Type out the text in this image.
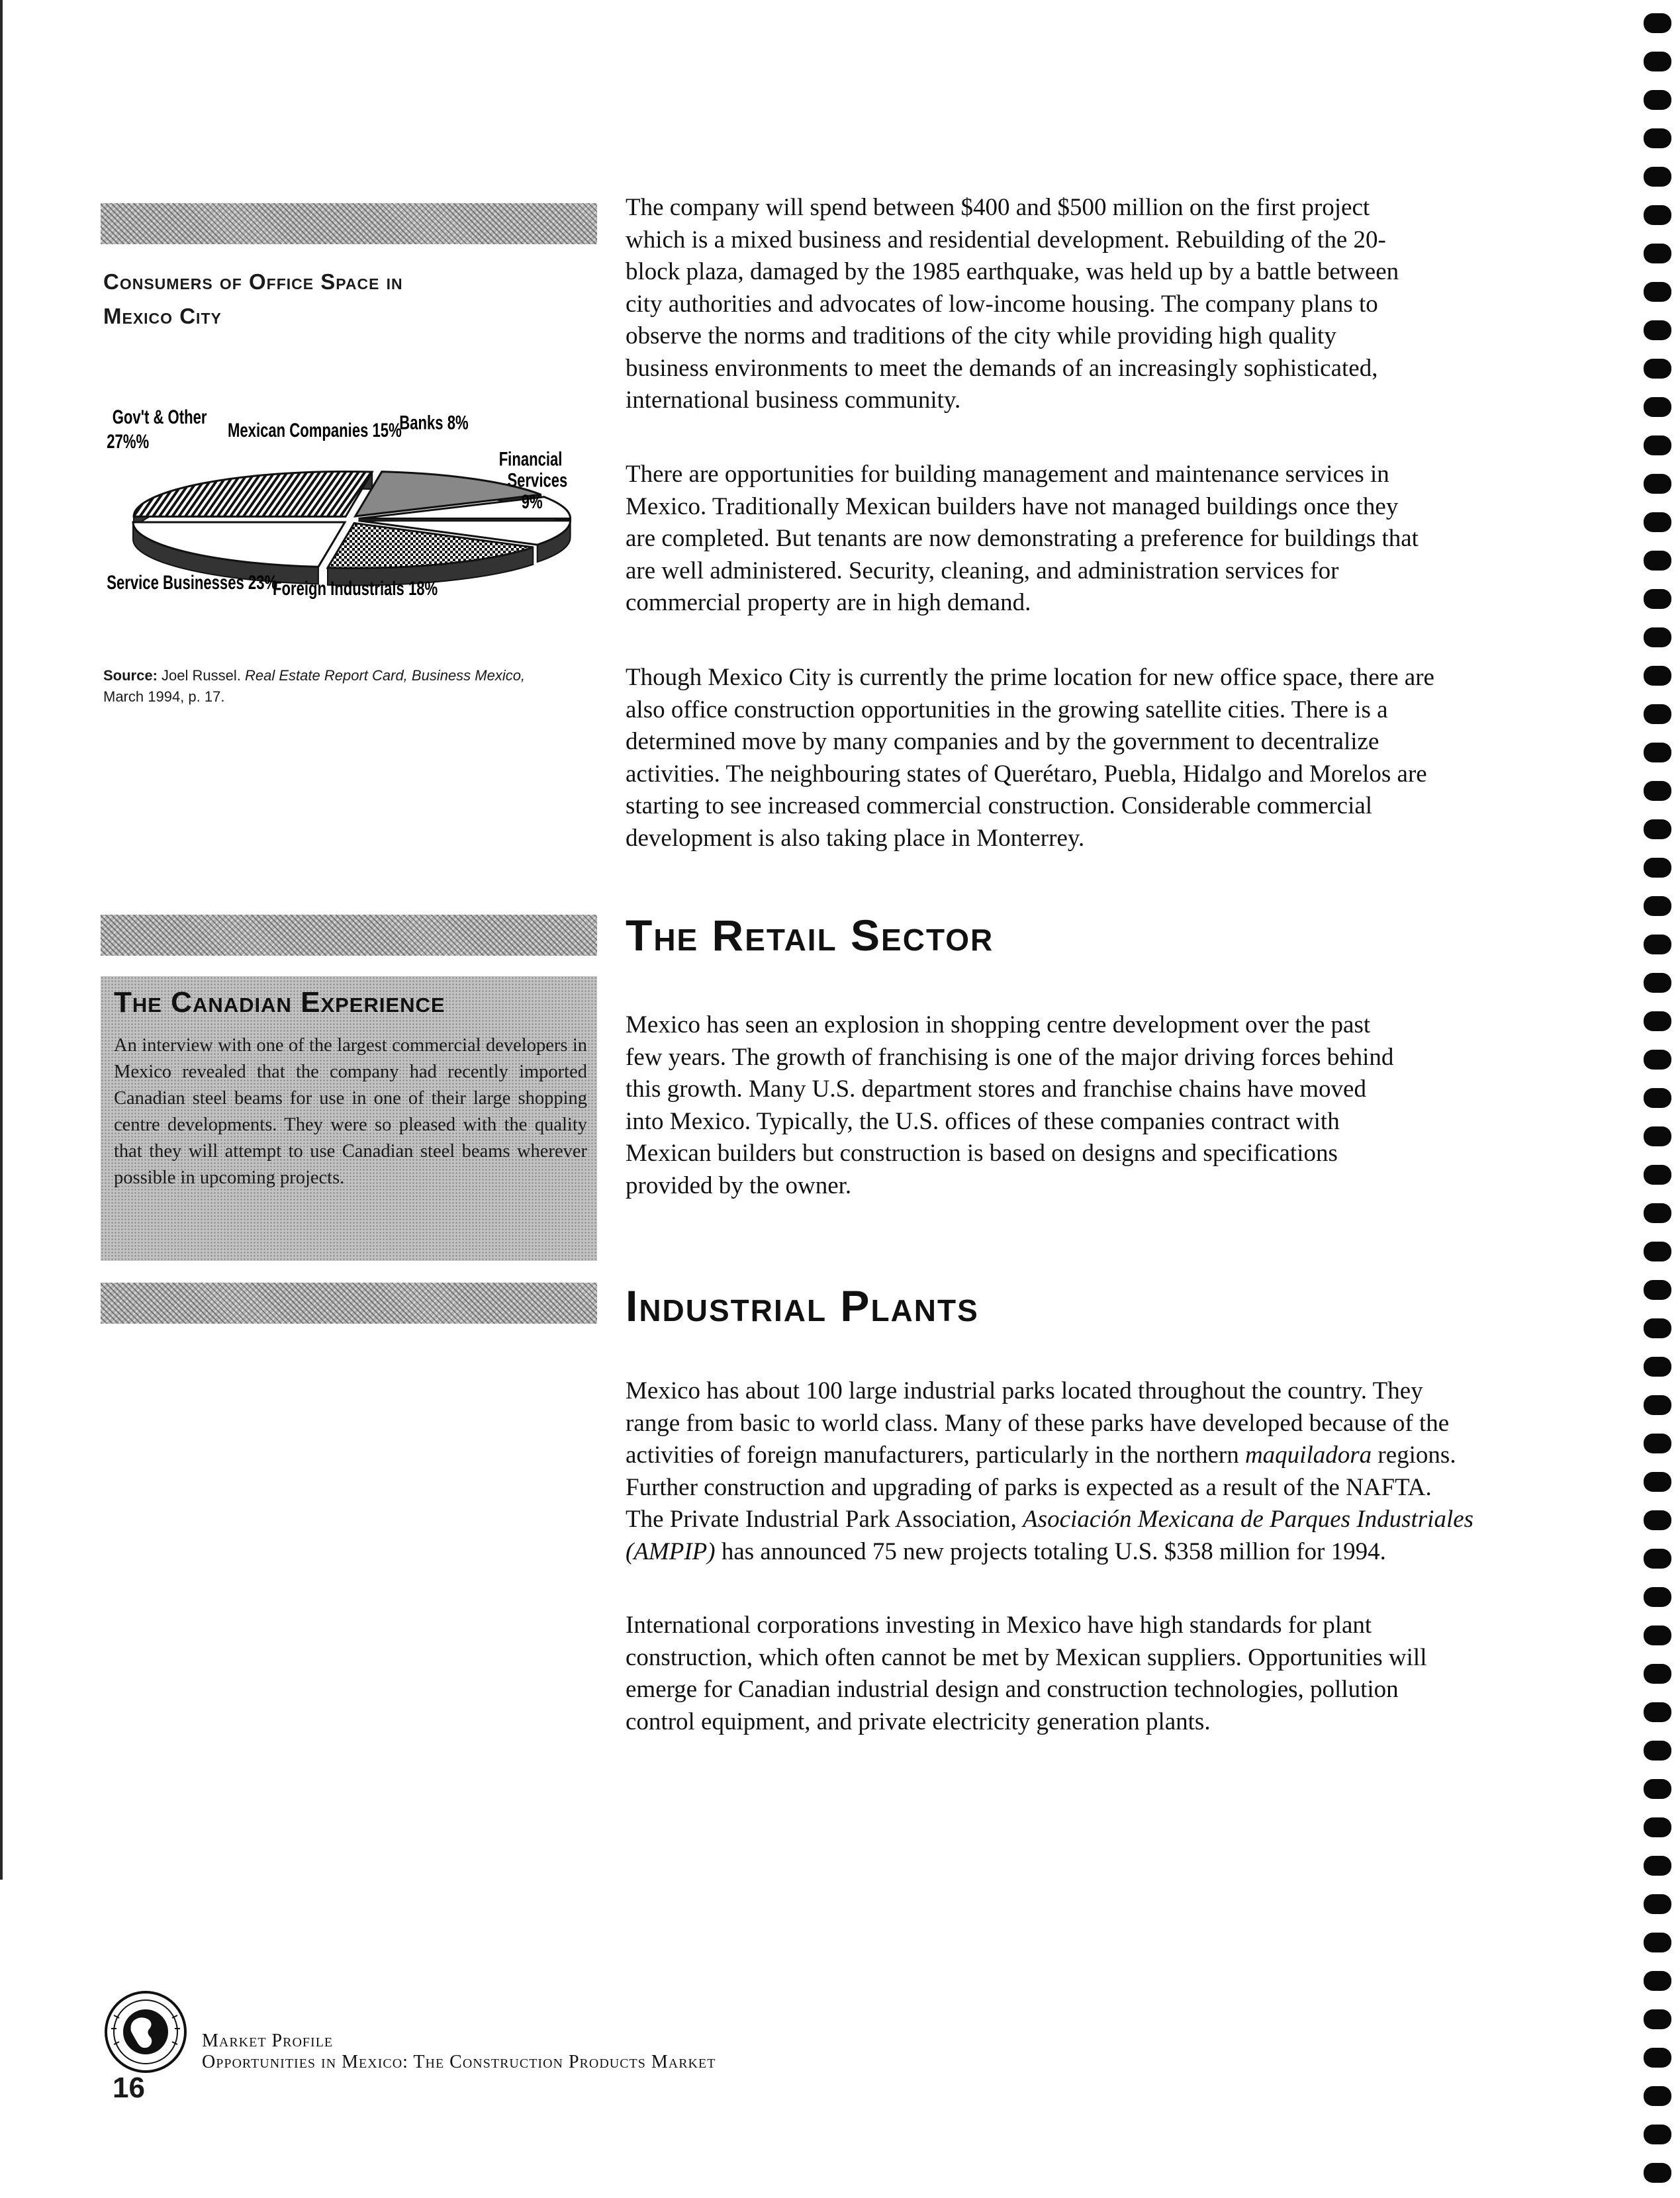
Consumers of Office Space in
Mexico City
Gov't & Other
27%%
Mexican Companies 15%
Banks 8%
Financial
Services
9%
Service Businesses 23%
Foreign Industrials 18%
Source: Joel Russel. Real Estate Report Card, Business Mexico,
March 1994, p. 17.
The Canadian Experience
An interview with one of the largest commercial developers in Mexico revealed that the company had recently imported Canadian steel beams for use in one of their large shopping centre developments. They were so pleased with the quality that they will attempt to use Canadian steel beams wherever possible in upcoming projects.
The company will spend between $400 and $500 million on the first project
which is a mixed business and residential development. Rebuilding of the 20-
block plaza, damaged by the 1985 earthquake, was held up by a battle between
city authorities and advocates of low-income housing. The company plans to
observe the norms and traditions of the city while providing high quality
business environments to meet the demands of an increasingly sophisticated,
international business community.
There are opportunities for building management and maintenance services in
Mexico. Traditionally Mexican builders have not managed buildings once they
are completed. But tenants are now demonstrating a preference for buildings that
are well administered. Security, cleaning, and administration services for
commercial property are in high demand.
Though Mexico City is currently the prime location for new office space, there are
also office construction opportunities in the growing satellite cities. There is a
determined move by many companies and by the government to decentralize
activities. The neighbouring states of Querétaro, Puebla, Hidalgo and Morelos are
starting to see increased commercial construction. Considerable commercial
development is also taking place in Monterrey.
The Retail Sector
Mexico has seen an explosion in shopping centre development over the past
few years. The growth of franchising is one of the major driving forces behind
this growth. Many U.S. department stores and franchise chains have moved
into Mexico. Typically, the U.S. offices of these companies contract with
Mexican builders but construction is based on designs and specifications
provided by the owner.
Industrial Plants
Mexico has about 100 large industrial parks located throughout the country. They
range from basic to world class. Many of these parks have developed because of the
activities of foreign manufacturers, particularly in the northern maquiladora regions.
Further construction and upgrading of parks is expected as a result of the NAFTA.
The Private Industrial Park Association, Asociación Mexicana de Parques Industriales
(AMPIP) has announced 75 new projects totaling U.S. $358 million for 1994.
International corporations investing in Mexico have high standards for plant
construction, which often cannot be met by Mexican suppliers. Opportunities will
emerge for Canadian industrial design and construction technologies, pollution
control equipment, and private electricity generation plants.
Market Profile
Opportunities in Mexico: The Construction Products Market
16
